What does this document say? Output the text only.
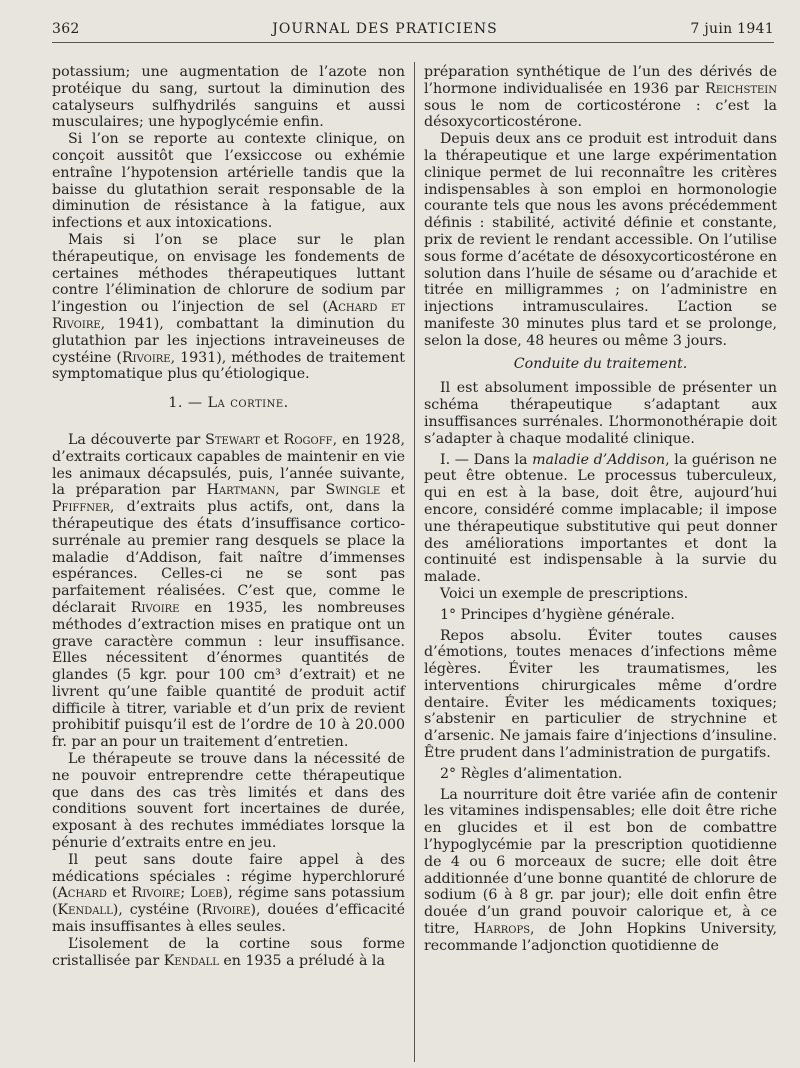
362	JOURNAL DES PRATICIENS	7 juin 1941

potassium; une augmentation de l’azote non protéique du sang, surtout la diminution des catalyseurs sulfhydrilés sanguins et aussi musculaires; une hypoglycémie enfin.

Si l’on se reporte au contexte clinique, on conçoit aussitôt que l’exsiccose ou exhémie entraîne l’hypotension artérielle tandis que la baisse du glutathion serait responsable de la diminution de résistance à la fatigue, aux infections et aux intoxications.

Mais si l’on se place sur le plan thérapeutique, on envisage les fondements de certaines méthodes thérapeutiques luttant contre l’élimination de chlorure de sodium par l’ingestion ou l’injection de sel (Achard et Rivoire, 1941), combattant la diminution du glutathion par les injections intraveineuses de cystéine (Rivoire, 1931), méthodes de traitement symptomatique plus qu’étiologique.

1. — La cortine.

La découverte par Stewart et Rogoff, en 1928, d’extraits corticaux capables de maintenir en vie les animaux décapsulés, puis, l’année suivante, la préparation par Hartmann, par Swingle et Pfiffner, d’extraits plus actifs, ont, dans la thérapeutique des états d’insuffisance cortico-surrénale au premier rang desquels se place la maladie d’Addison, fait naître d’immenses espérances. Celles-ci ne se sont pas parfaitement réalisées. C’est que, comme le déclarait Rivoire en 1935, les nombreuses méthodes d’extraction mises en pratique ont un grave caractère commun : leur insuffisance. Elles nécessitent d’énormes quantités de glandes (5 kgr. pour 100 cm³ d’extrait) et ne livrent qu’une faible quantité de produit actif difficile à titrer, variable et d’un prix de revient prohibitif puisqu’il est de l’ordre de 10 à 20.000 fr. par an pour un traitement d’entretien.

Le thérapeute se trouve dans la nécessité de ne pouvoir entreprendre cette thérapeutique que dans des cas très limités et dans des conditions souvent fort incertaines de durée, exposant à des rechutes immédiates lorsque la pénurie d’extraits entre en jeu.

Il peut sans doute faire appel à des médications spéciales : régime hyperchloruré (Achard et Rivoire; Loeb), régime sans potassium (Kendall), cystéine (Rivoire), douées d’efficacité mais insuffisantes à elles seules.

L’isolement de la cortine sous forme cristallisée par Kendall en 1935 a préludé à la

préparation synthétique de l’un des dérivés de l’hormone individualisée en 1936 par Reichstein sous le nom de corticostérone : c’est la désoxycorticostérone.

Depuis deux ans ce produit est introduit dans la thérapeutique et une large expérimentation clinique permet de lui reconnaître les critères indispensables à son emploi en hormonologie courante tels que nous les avons précédemment définis : stabilité, activité définie et constante, prix de revient le rendant accessible. On l’utilise sous forme d’acétate de désoxycorticostérone en solution dans l’huile de sésame ou d’arachide et titrée en milligrammes ; on l’administre en injections intramusculaires. L’action se manifeste 30 minutes plus tard et se prolonge, selon la dose, 48 heures ou même 3 jours.

Conduite du traitement.

Il est absolument impossible de présenter un schéma thérapeutique s’adaptant aux insuffisances surrénales. L’hormonothérapie doit s’adapter à chaque modalité clinique.

I. — Dans la maladie d’Addison, la guérison ne peut être obtenue. Le processus tuberculeux, qui en est à la base, doit être, aujourd’hui encore, considéré comme implacable; il impose une thérapeutique substitutive qui peut donner des améliorations importantes et dont la continuité est indispensable à la survie du malade.

Voici un exemple de prescriptions.

1° Principes d’hygiène générale.

Repos absolu. Éviter toutes causes d’émotions, toutes menaces d’infections même légères. Éviter les traumatismes, les interventions chirurgicales même d’ordre dentaire. Éviter les médicaments toxiques; s’abstenir en particulier de strychnine et d’arsenic. Ne jamais faire d’injections d’insuline. Être prudent dans l’administration de purgatifs.

2° Règles d’alimentation.

La nourriture doit être variée afin de contenir les vitamines indispensables; elle doit être riche en glucides et il est bon de combattre l’hypoglycémie par la prescription quotidienne de 4 ou 6 morceaux de sucre; elle doit être additionnée d’une bonne quantité de chlorure de sodium (6 à 8 gr. par jour); elle doit enfin être douée d’un grand pouvoir calorique et, à ce titre, Harrops, de John Hopkins University, recommande l’adjonction quotidienne de
